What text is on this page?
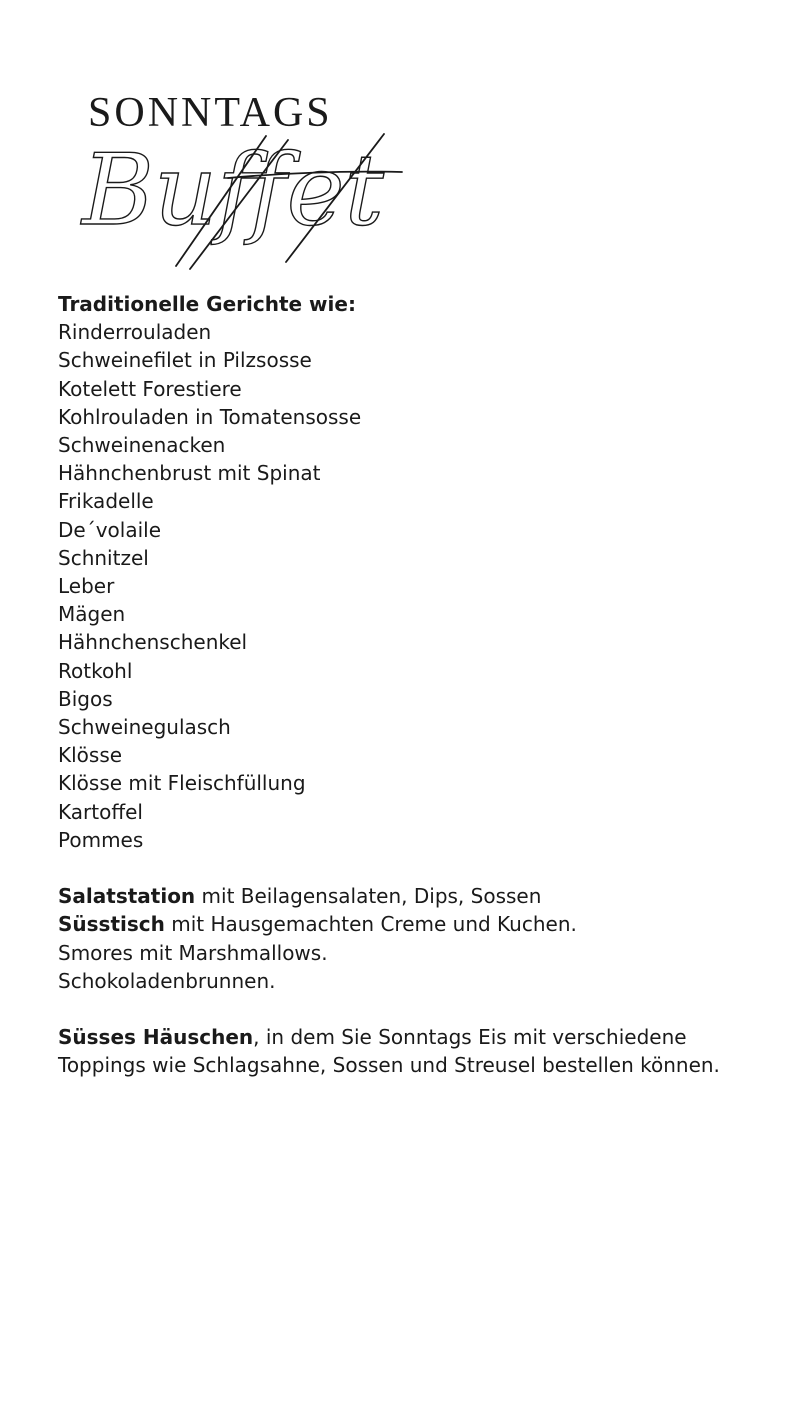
SONNTAGS
Buffet
Traditionelle Gerichte wie:
Rinderrouladen
Schweinefilet in Pilzsosse
Kotelett Forestiere
Kohlrouladen in Tomatensosse
Schweinenacken
Hähnchenbrust mit Spinat
Frikadelle
De´volaile
Schnitzel
Leber
Mägen
Hähnchenschenkel
Rotkohl
Bigos
Schweinegulasch
Klösse
Klösse mit Fleischfüllung
Kartoffel
Pommes

Salatstation mit Beilagensalaten, Dips, Sossen

Süsstisch mit Hausgemachten Creme und Kuchen.

Smores mit Marshmallows.

Schokoladenbrunnen.

Süsses Häuschen, in dem Sie Sonntags Eis mit verschiedene

Toppings wie Schlagsahne, Sossen und Streusel bestellen können.
